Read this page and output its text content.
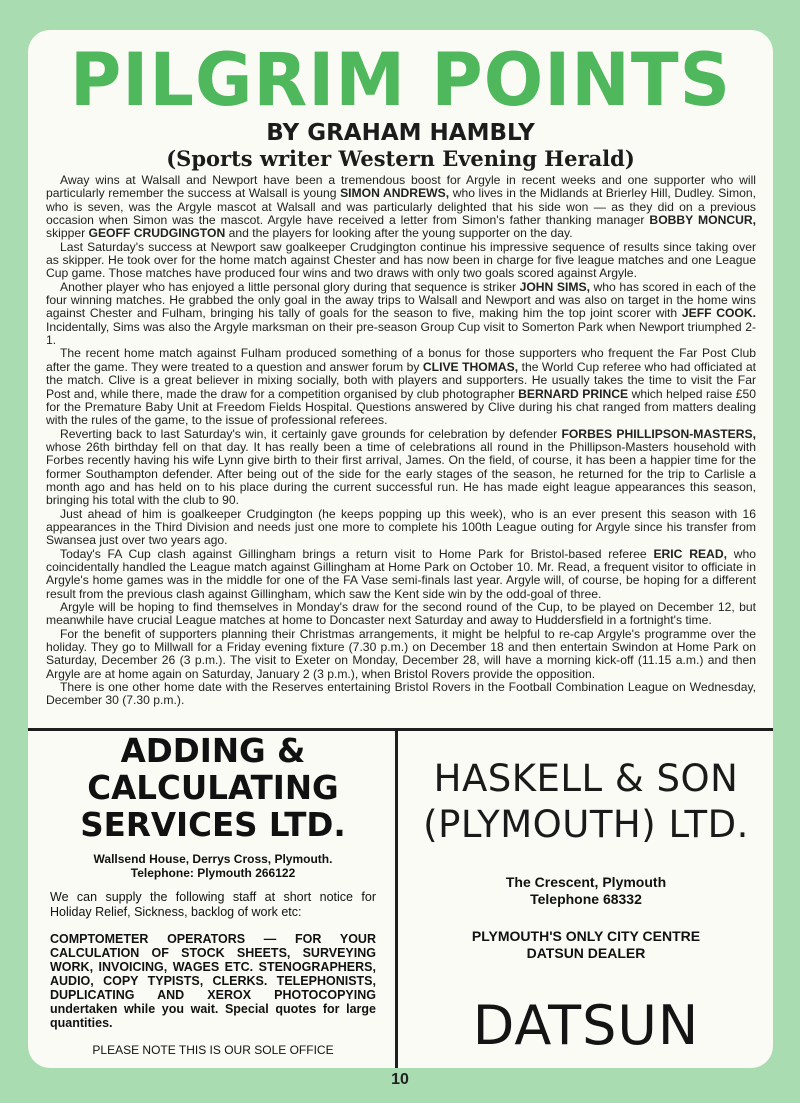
PILGRIM POINTS
BY GRAHAM HAMBLY
(Sports writer Western Evening Herald)

Away wins at Walsall and Newport have been a tremendous boost for Argyle in recent weeks and one supporter who will particularly remember the success at Walsall is young SIMON ANDREWS, who lives in the Midlands at Brierley Hill, Dudley. Simon, who is seven, was the Argyle mascot at Walsall and was particularly delighted that his side won — as they did on a previous occasion when Simon was the mascot. Argyle have received a letter from Simon's father thanking manager BOBBY MONCUR, skipper GEOFF CRUDGINGTON and the players for looking after the young supporter on the day.

Last Saturday's success at Newport saw goalkeeper Crudgington continue his impressive sequence of results since taking over as skipper. He took over for the home match against Chester and has now been in charge for five league matches and one League Cup game. Those matches have produced four wins and two draws with only two goals scored against Argyle.

Another player who has enjoyed a little personal glory during that sequence is striker JOHN SIMS, who has scored in each of the four winning matches. He grabbed the only goal in the away trips to Walsall and Newport and was also on target in the home wins against Chester and Fulham, bringing his tally of goals for the season to five, making him the top joint scorer with JEFF COOK. Incidentally, Sims was also the Argyle marksman on their pre-season Group Cup visit to Somerton Park when Newport triumphed 2-1.

The recent home match against Fulham produced something of a bonus for those supporters who frequent the Far Post Club after the game. They were treated to a question and answer forum by CLIVE THOMAS, the World Cup referee who had officiated at the match. Clive is a great believer in mixing socially, both with players and supporters. He usually takes the time to visit the Far Post and, while there, made the draw for a competition organised by club photographer BERNARD PRINCE which helped raise £50 for the Premature Baby Unit at Freedom Fields Hospital. Questions answered by Clive during his chat ranged from matters dealing with the rules of the game, to the issue of professional referees.

Reverting back to last Saturday's win, it certainly gave grounds for celebration by defender FORBES PHILLIPSON-MASTERS, whose 26th birthday fell on that day. It has really been a time of celebrations all round in the Phillipson-Masters household with Forbes recently having his wife Lynn give birth to their first arrival, James. On the field, of course, it has been a happier time for the former Southampton defender. After being out of the side for the early stages of the season, he returned for the trip to Carlisle a month ago and has held on to his place during the current successful run. He has made eight league appearances this season, bringing his total with the club to 90.

Just ahead of him is goalkeeper Crudgington (he keeps popping up this week), who is an ever present this season with 16 appearances in the Third Division and needs just one more to complete his 100th League outing for Argyle since his transfer from Swansea just over two years ago.

Today's FA Cup clash against Gillingham brings a return visit to Home Park for Bristol-based referee ERIC READ, who coincidentally handled the League match against Gillingham at Home Park on October 10. Mr. Read, a frequent visitor to officiate in Argyle's home games was in the middle for one of the FA Vase semi-finals last year. Argyle will, of course, be hoping for a different result from the previous clash against Gillingham, which saw the Kent side win by the odd-goal of three.

Argyle will be hoping to find themselves in Monday's draw for the second round of the Cup, to be played on December 12, but meanwhile have crucial League matches at home to Doncaster next Saturday and away to Huddersfield in a fortnight's time.

For the benefit of supporters planning their Christmas arrangements, it might be helpful to re-cap Argyle's programme over the holiday. They go to Millwall for a Friday evening fixture (7.30 p.m.) on December 18 and then entertain Swindon at Home Park on Saturday, December 26 (3 p.m.). The visit to Exeter on Monday, December 28, will have a morning kick-off (11.15 a.m.) and then Argyle are at home again on Saturday, January 2 (3 p.m.), when Bristol Rovers provide the opposition.

There is one other home date with the Reserves entertaining Bristol Rovers in the Football Combination League on Wednesday, December 30 (7.30 p.m.).

ADDING &
CALCULATING
SERVICES LTD.
Wallsend House, Derrys Cross, Plymouth.
Telephone: Plymouth 266122
We can supply the following staff at short notice for Holiday Relief, Sickness, backlog of work etc:
COMPTOMETER OPERATORS — FOR YOUR CALCULATION OF STOCK SHEETS, SURVEYING WORK, INVOICING, WAGES ETC. STENOGRAPHERS, AUDIO, COPY TYPISTS, CLERKS. TELEPHONISTS, DUPLICATING AND XEROX PHOTOCOPYING undertaken while you wait. Special quotes for large quantities.
PLEASE NOTE THIS IS OUR SOLE OFFICE
HASKELL & SON
(PLYMOUTH) LTD.
The Crescent, Plymouth
Telephone 68332
PLYMOUTH'S ONLY CITY CENTRE
DATSUN DEALER
DATSUN
10
